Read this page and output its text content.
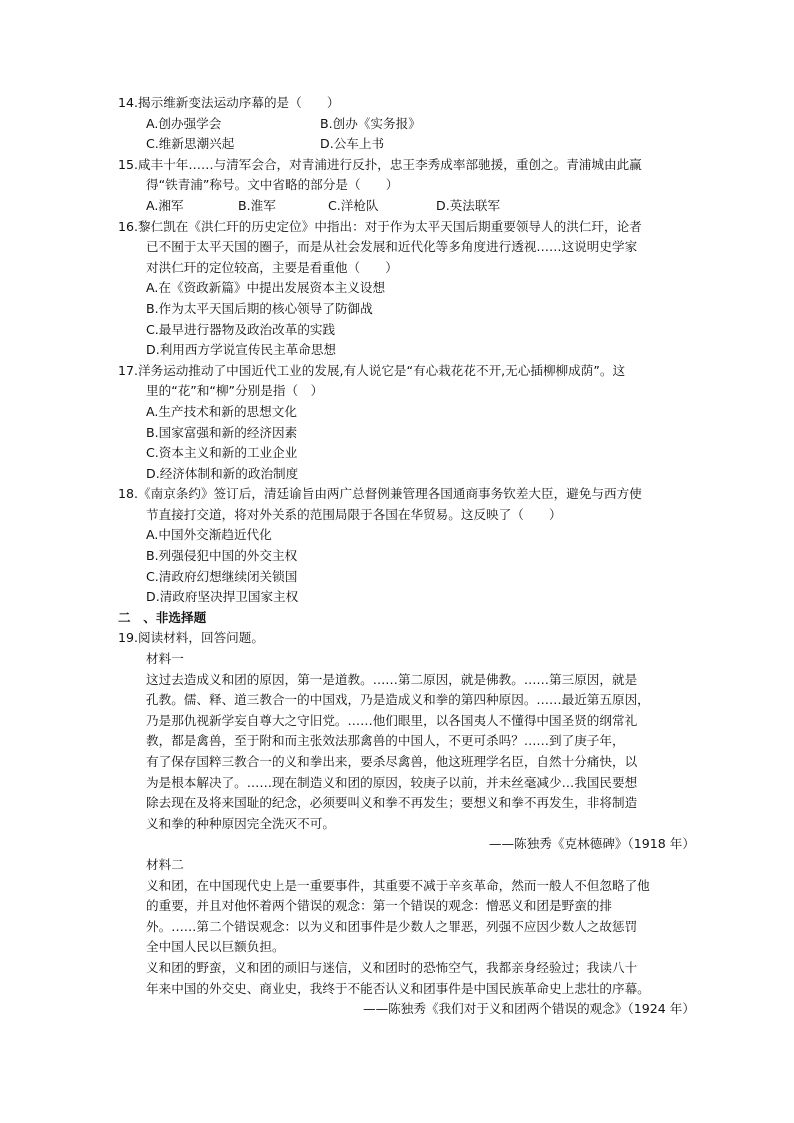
14.揭示维新变法运动序幕的是（　　）
A.创办强学会	B.创办《实务报》
C.维新思潮兴起	D.公车上书
15.咸丰十年……与清军会合，对青浦进行反扑，忠王李秀成率部驰援，重创之。青浦城由此赢
得“铁青浦”称号。文中省略的部分是（　　）
A.湘军	B.淮军	C.洋枪队	D.英法联军
16.黎仁凯在《洪仁玕的历史定位》中指出：对于作为太平天国后期重要领导人的洪仁玕，论者
已不囿于太平天国的圈子，而是从社会发展和近代化等多角度进行透视……这说明史学家
对洪仁玕的定位较高，主要是看重他（　　）
A.在《资政新篇》中提出发展资本主义设想
B.作为太平天国后期的核心领导了防御战
C.最早进行器物及政治改革的实践
D.利用西方学说宣传民主革命思想
17.洋务运动推动了中国近代工业的发展,有人说它是“有心栽花花不开,无心插柳柳成荫”。这
里的“花”和“柳”分别是指（　）
A.生产技术和新的思想文化
B.国家富强和新的经济因素
C.资本主义和新的工业企业
D.经济体制和新的政治制度
18.《南京条约》签订后，清廷谕旨由两广总督例兼管理各国通商事务钦差大臣，避免与西方使
节直接打交道，将对外关系的范围局限于各国在华贸易。这反映了（　　）
A.中国外交渐趋近代化
B.列强侵犯中国的外交主权
C.清政府幻想继续闭关锁国
D.清政府坚决捍卫国家主权
二　、非选择题
19.阅读材料，回答问题。
材料一
这过去造成义和团的原因，第一是道教。……第二原因，就是佛教。……第三原因，就是
孔教。儒、释、道三教合一的中国戏，乃是造成义和拳的第四种原因。……最近第五原因，
乃是那仇视新学妄自尊大之守旧党。……他们眼里，以各国夷人不懂得中国圣贤的纲常礼
教，都是禽兽，至于附和而主张效法那禽兽的中国人，不更可杀吗？……到了庚子年，
有了保存国粹三教合一的义和拳出来，要杀尽禽兽，他这班理学名臣，自然十分痛快，以
为是根本解决了。……现在制造义和团的原因，较庚子以前，并未丝毫减少…我国民要想
除去现在及将来国耻的纪念，必须要叫义和拳不再发生；要想义和拳不再发生，非将制造
义和拳的种种原因完全洗灭不可。
——陈独秀《克林德碑》（1918 年）
材料二
义和团，在中国现代史上是一重要事件，其重要不减于辛亥革命，然而一般人不但忽略了他
的重要，并且对他怀着两个错误的观念：第一个错误的观念：憎恶义和团是野蛮的排
外。……第二个错误观念：以为义和团事件是少数人之罪恶，列强不应因少数人之故惩罚
全中国人民以巨额负担。
义和团的野蛮，义和团的顽旧与迷信，义和团时的恐怖空气，我都亲身经验过；我读八十
年来中国的外交史、商业史，我终于不能否认义和团事件是中国民族革命史上悲壮的序幕。
——陈独秀《我们对于义和团两个错误的观念》（1924 年）
